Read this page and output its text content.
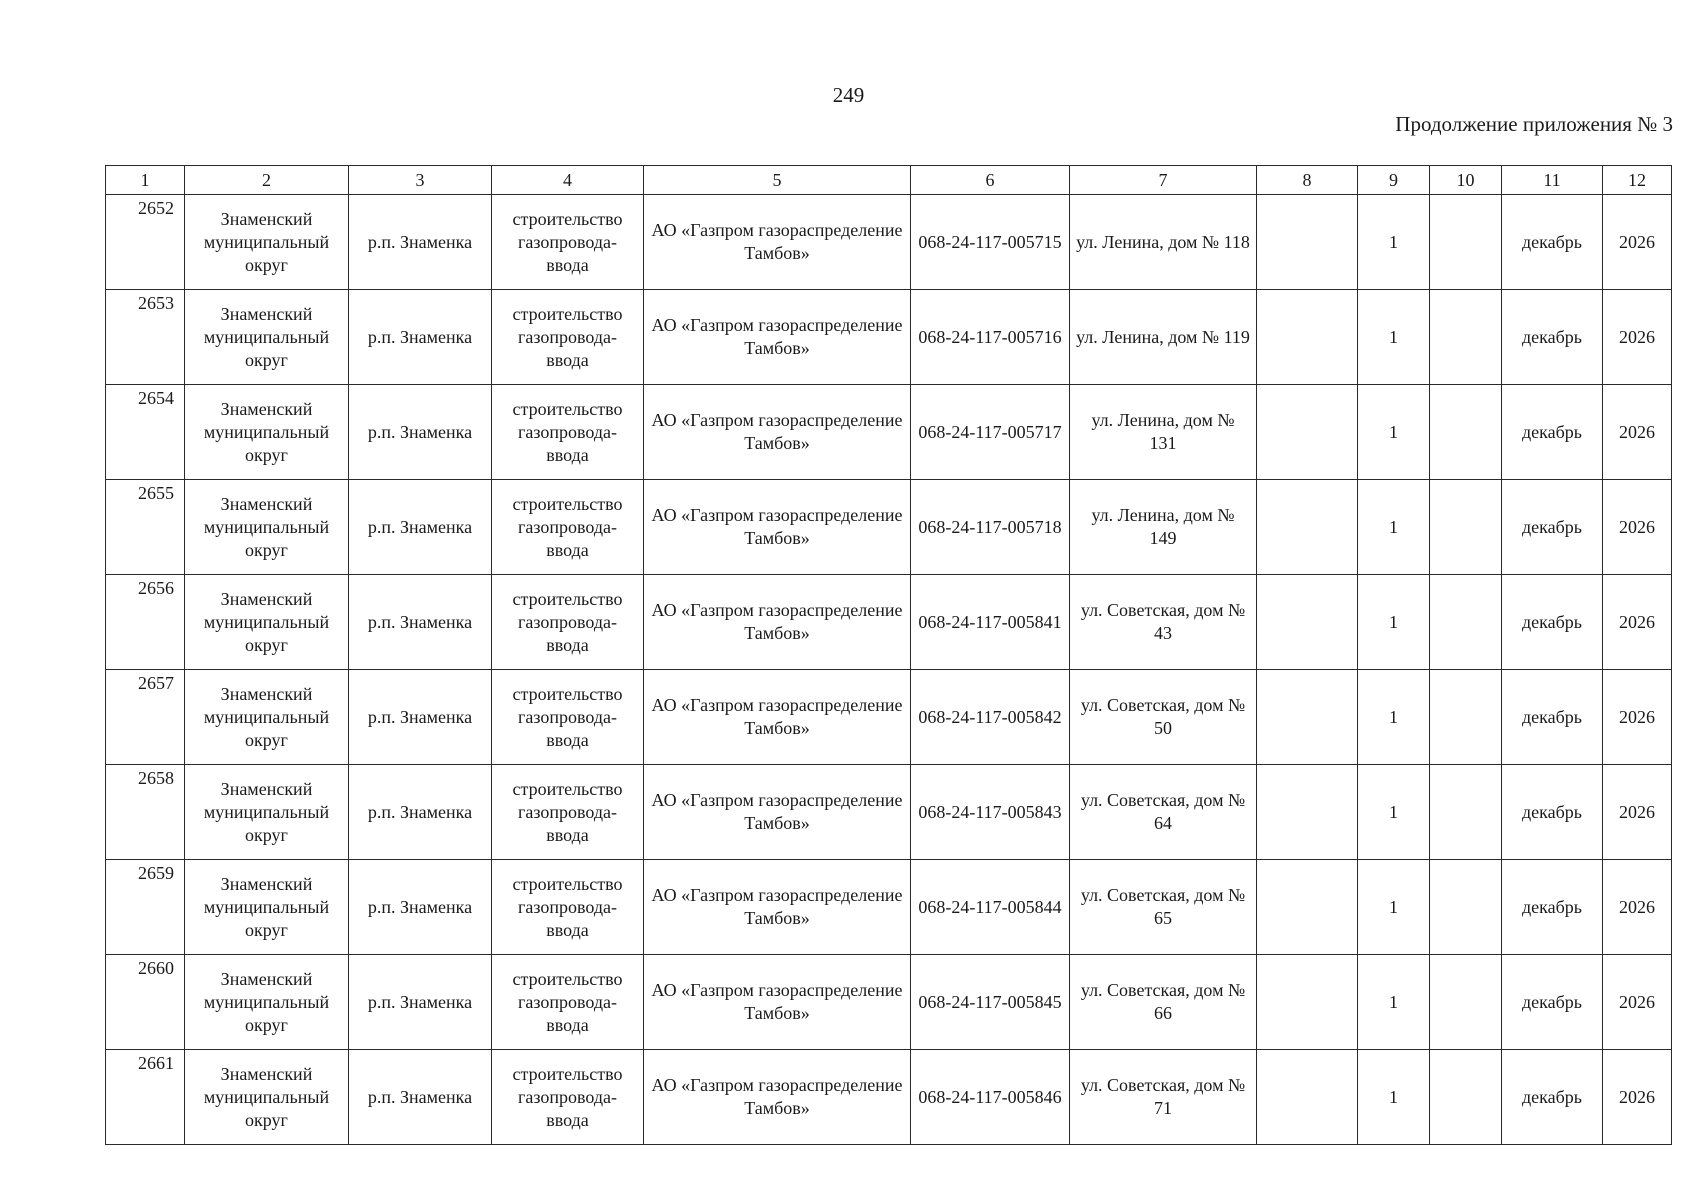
249
Продолжение приложения № 3
1	2	3	4	5	6	7	8	9	10	11	12
2652	Знаменский муниципальный округ	р.п. Знаменка	строительство газопровода-ввода	АО «Газпром газораспределение Тамбов»	068-24-117-005715	ул. Ленина, дом № 118		1		декабрь	2026
2653	Знаменский муниципальный округ	р.п. Знаменка	строительство газопровода-ввода	АО «Газпром газораспределение Тамбов»	068-24-117-005716	ул. Ленина, дом № 119		1		декабрь	2026
2654	Знаменский муниципальный округ	р.п. Знаменка	строительство газопровода-ввода	АО «Газпром газораспределение Тамбов»	068-24-117-005717	ул. Ленина, дом № 131		1		декабрь	2026
2655	Знаменский муниципальный округ	р.п. Знаменка	строительство газопровода-ввода	АО «Газпром газораспределение Тамбов»	068-24-117-005718	ул. Ленина, дом № 149		1		декабрь	2026
2656	Знаменский муниципальный округ	р.п. Знаменка	строительство газопровода-ввода	АО «Газпром газораспределение Тамбов»	068-24-117-005841	ул. Советская, дом № 43		1		декабрь	2026
2657	Знаменский муниципальный округ	р.п. Знаменка	строительство газопровода-ввода	АО «Газпром газораспределение Тамбов»	068-24-117-005842	ул. Советская, дом № 50		1		декабрь	2026
2658	Знаменский муниципальный округ	р.п. Знаменка	строительство газопровода-ввода	АО «Газпром газораспределение Тамбов»	068-24-117-005843	ул. Советская, дом № 64		1		декабрь	2026
2659	Знаменский муниципальный округ	р.п. Знаменка	строительство газопровода-ввода	АО «Газпром газораспределение Тамбов»	068-24-117-005844	ул. Советская, дом № 65		1		декабрь	2026
2660	Знаменский муниципальный округ	р.п. Знаменка	строительство газопровода-ввода	АО «Газпром газораспределение Тамбов»	068-24-117-005845	ул. Советская, дом № 66		1		декабрь	2026
2661	Знаменский муниципальный округ	р.п. Знаменка	строительство газопровода-ввода	АО «Газпром газораспределение Тамбов»	068-24-117-005846	ул. Советская, дом № 71		1		декабрь	2026
